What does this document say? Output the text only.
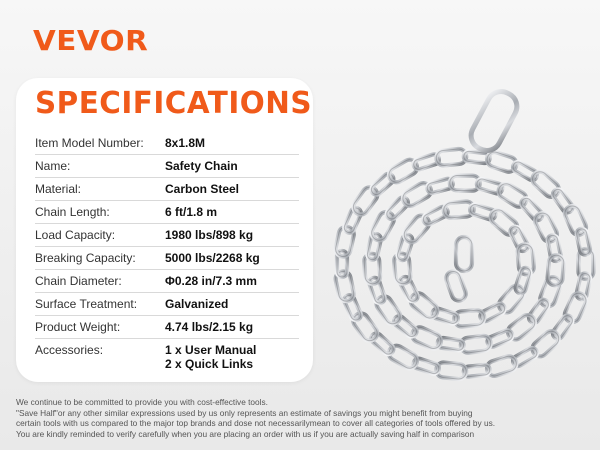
VEVOR
SPECIFICATIONS
Item Model Number:	8x1.8M
Name:	Safety Chain
Material:	Carbon Steel
Chain Length:	6 ft/1.8 m
Load Capacity:	1980 lbs/898 kg
Breaking Capacity:	5000 lbs/2268 kg
Chain Diameter:	Φ0.28 in/7.3 mm
Surface Treatment:	Galvanized
Product Weight:	4.74 lbs/2.15 kg
Accessories:	1 x User Manual
2 x Quick Links
We continue to be committed to provide you with cost-effective tools.
"Save Half"or any other similar expressions used by us only represents an estimate of savings you might benefit from buying
certain tools with us compared to the major top brands and dose not necessarilymean to cover all categories of tools offered by us.
You are kindly reminded to verify carefully when you are placing an order with us if you are actually saving half in comparison
